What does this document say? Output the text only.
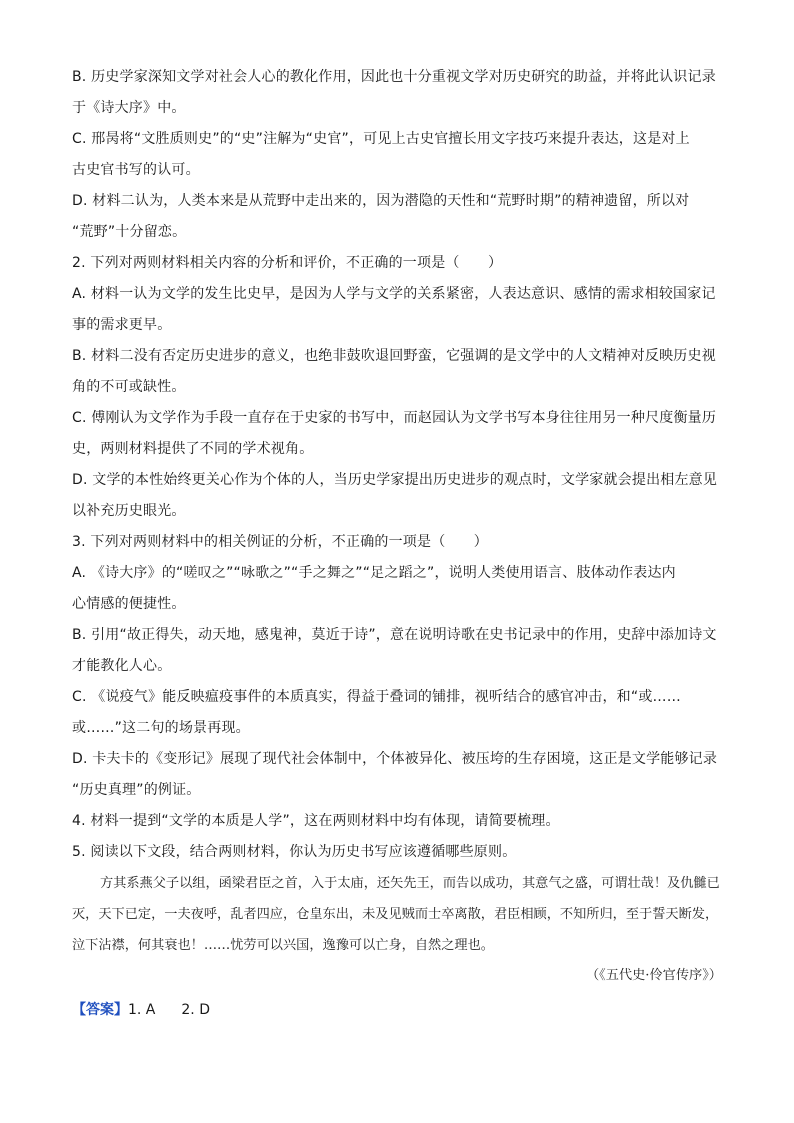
B. 历史学家深知文学对社会人心的教化作用，因此也十分重视文学对历史研究的助益，并将此认识记录

于《诗大序》中。

C. 邢昺将“文胜质则史”的“史”注解为“史官”，可见上古史官擅长用文字技巧来提升表达，这是对上

古史官书写的认可。

D. 材料二认为，人类本来是从荒野中走出来的，因为潜隐的天性和“荒野时期”的精神遗留，所以对

“荒野”十分留恋。

2. 下列对两则材料相关内容的分析和评价，不正确的一项是（　　）

A. 材料一认为文学的发生比史早，是因为人学与文学的关系紧密，人表达意识、感情的需求相较国家记

事的需求更早。

B. 材料二没有否定历史进步的意义，也绝非鼓吹退回野蛮，它强调的是文学中的人文精神对反映历史视

角的不可或缺性。

C. 傅刚认为文学作为手段一直存在于史家的书写中，而赵园认为文学书写本身往往用另一种尺度衡量历

史，两则材料提供了不同的学术视角。

D. 文学的本性始终更关心作为个体的人，当历史学家提出历史进步的观点时，文学家就会提出相左意见

以补充历史眼光。

3. 下列对两则材料中的相关例证的分析，不正确的一项是（　　）

A. 《诗大序》的“嗟叹之”“咏歌之”“手之舞之”“足之蹈之”，说明人类使用语言、肢体动作表达内

心情感的便捷性。

B. 引用“故正得失，动天地，感鬼神，莫近于诗”，意在说明诗歌在史书记录中的作用，史辞中添加诗文

才能教化人心。

C. 《说疫气》能反映瘟疫事件的本质真实，得益于叠词的铺排，视听结合的感官冲击，和“或……

或……”这二句的场景再现。

D. 卡夫卡的《变形记》展现了现代社会体制中，个体被异化、被压垮的生存困境，这正是文学能够记录

“历史真理”的例证。

4. 材料一提到“文学的本质是人学”，这在两则材料中均有体现，请简要梳理。

5. 阅读以下文段，结合两则材料，你认为历史书写应该遵循哪些原则。

方其系燕父子以组，函梁君臣之首，入于太庙，还矢先王，而告以成功，其意气之盛，可谓壮哉！及仇雠已灭，天下已定，一夫夜呼，乱者四应，仓皇东出，未及见贼而士卒离散，君臣相顾，不知所归，至于誓天断发，泣下沾襟，何其衰也！……忧劳可以兴国，逸豫可以亡身，自然之理也。

（《五代史·伶官传序》）

【答案】1. A 2. D
